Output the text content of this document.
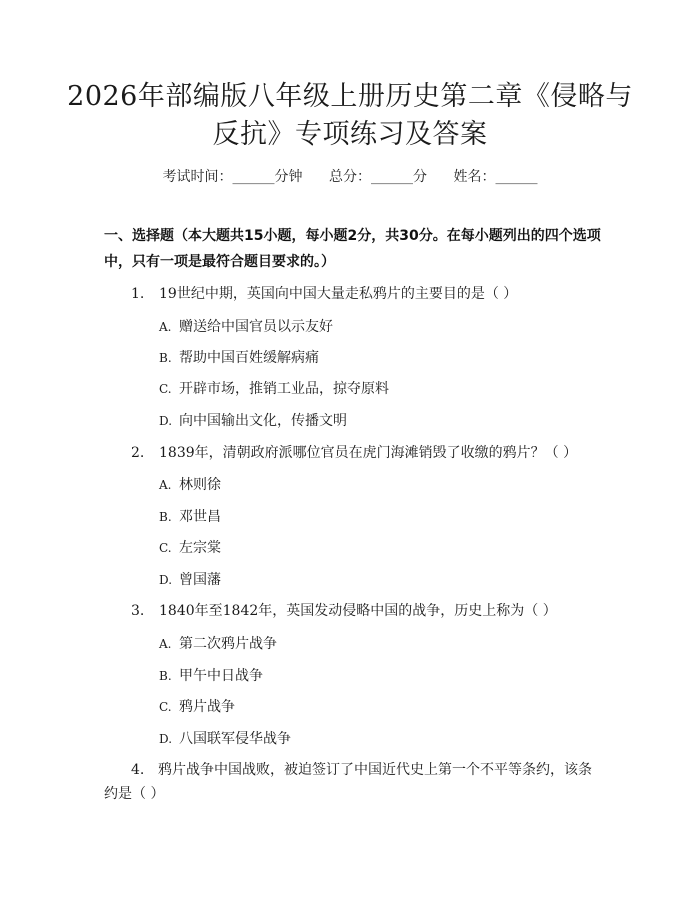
2026年部编版八年级上册历史第二章《侵略与反抗》专项练习及答案
考试时间：______分钟 总分：______分 姓名：______
一、选择题（本大题共15小题，每小题2分，共30分。在每小题列出的四个选项中，只有一项是最符合题目要求的。）
1. 19世纪中期，英国向中国大量走私鸦片的主要目的是（ ）
A. 赠送给中国官员以示友好
B. 帮助中国百姓缓解病痛
C. 开辟市场，推销工业品，掠夺原料
D. 向中国输出文化，传播文明
2. 1839年，清朝政府派哪位官员在虎门海滩销毁了收缴的鸦片？（ ）
A. 林则徐
B. 邓世昌
C. 左宗棠
D. 曾国藩
3. 1840年至1842年，英国发动侵略中国的战争，历史上称为（ ）
A. 第二次鸦片战争
B. 甲午中日战争
C. 鸦片战争
D. 八国联军侵华战争
4. 鸦片战争中国战败，被迫签订了中国近代史上第一个不平等条约，该条约是（ ）
